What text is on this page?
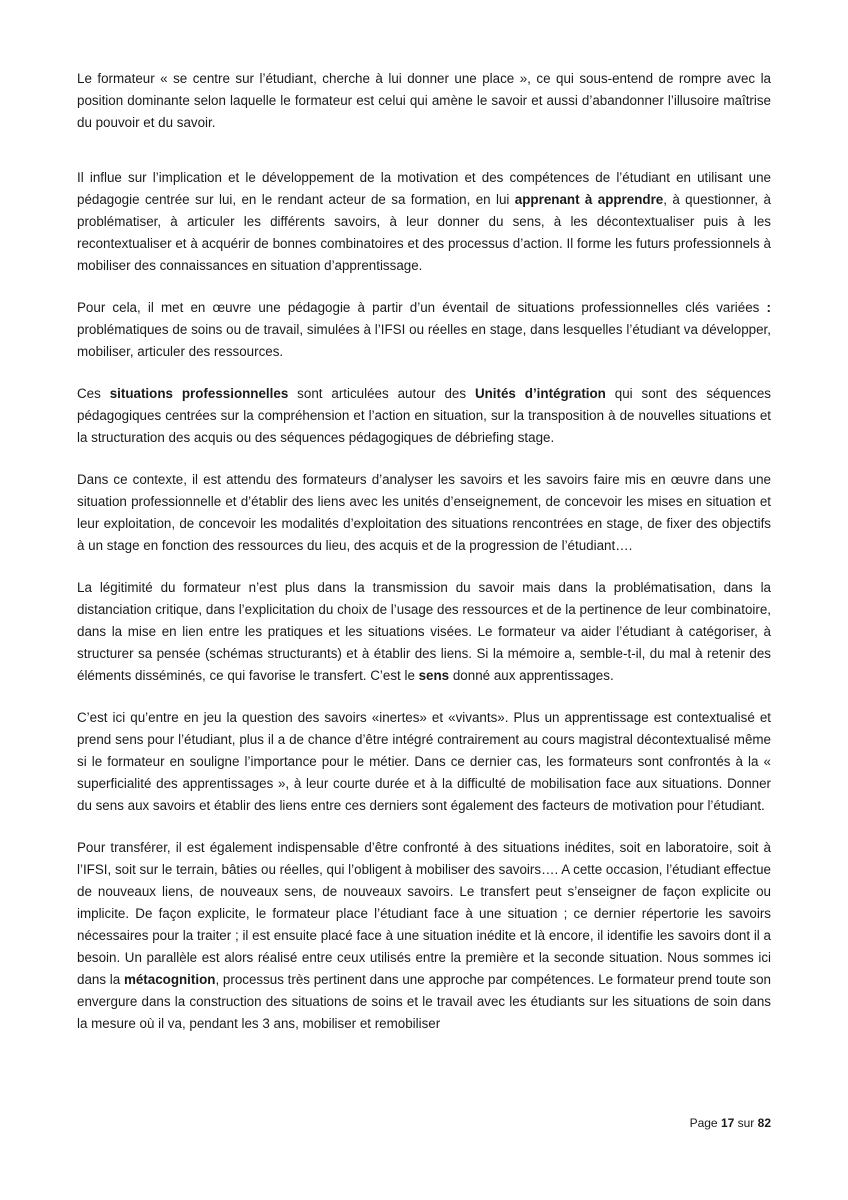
Le formateur « se centre sur l’étudiant, cherche à lui donner une place », ce qui sous-entend de rompre avec la position dominante selon laquelle le formateur est celui qui amène le savoir et aussi d’abandonner l’illusoire maîtrise du pouvoir et du savoir.

Il influe sur l’implication et le développement de la motivation et des compétences de l’étudiant en utilisant une pédagogie centrée sur lui, en le rendant acteur de sa formation, en lui apprenant à apprendre, à questionner, à problématiser, à articuler les différents savoirs, à leur donner du sens, à les décontextualiser puis à les recontextualiser et à acquérir de bonnes combinatoires et des processus d’action. Il forme les futurs professionnels à mobiliser des connaissances en situation d’apprentissage.

Pour cela, il met en œuvre une pédagogie à partir d’un éventail de situations professionnelles clés variées : problématiques de soins ou de travail, simulées à l’IFSI ou réelles en stage, dans lesquelles l’étudiant va développer, mobiliser, articuler des ressources.

Ces situations professionnelles sont articulées autour des Unités d’intégration qui sont des séquences pédagogiques centrées sur la compréhension et l’action en situation, sur la transposition à de nouvelles situations et la structuration des acquis ou des séquences pédagogiques de débriefing stage.

Dans ce contexte, il est attendu des formateurs d’analyser les savoirs et les savoirs faire mis en œuvre dans une situation professionnelle et d’établir des liens avec les unités d’enseignement, de concevoir les mises en situation et leur exploitation, de concevoir les modalités d’exploitation des situations rencontrées en stage, de fixer des objectifs à un stage en fonction des ressources du lieu, des acquis et de la progression de l’étudiant….

La légitimité du formateur n’est plus dans la transmission du savoir mais dans la problématisation, dans la distanciation critique, dans l’explicitation du choix de l’usage des ressources et de la pertinence de leur combinatoire, dans la mise en lien entre les pratiques et les situations visées. Le formateur va aider l’étudiant à catégoriser, à structurer sa pensée (schémas structurants) et à établir des liens. Si la mémoire a, semble-t-il, du mal à retenir des éléments disséminés, ce qui favorise le transfert. C’est le sens donné aux apprentissages.

C’est ici qu’entre en jeu la question des savoirs «inertes» et «vivants». Plus un apprentissage est contextualisé et prend sens pour l’étudiant, plus il a de chance d’être intégré contrairement au cours magistral décontextualisé même si le formateur en souligne l’importance pour le métier. Dans ce dernier cas, les formateurs sont confrontés à la « superficialité des apprentissages », à leur courte durée et à la difficulté de mobilisation face aux situations. Donner du sens aux savoirs et établir des liens entre ces derniers sont également des facteurs de motivation pour l’étudiant.

Pour transférer, il est également indispensable d’être confronté à des situations inédites, soit en laboratoire, soit à l’IFSI, soit sur le terrain, bâties ou réelles, qui l’obligent à mobiliser des savoirs…. A cette occasion, l’étudiant effectue de nouveaux liens, de nouveaux sens, de nouveaux savoirs. Le transfert peut s’enseigner de façon explicite ou implicite. De façon explicite, le formateur place l’étudiant face à une situation ; ce dernier répertorie les savoirs nécessaires pour la traiter ; il est ensuite placé face à une situation inédite et là encore, il identifie les savoirs dont il a besoin. Un parallèle est alors réalisé entre ceux utilisés entre la première et la seconde situation. Nous sommes ici dans la métacognition, processus très pertinent dans une approche par compétences. Le formateur prend toute son envergure dans la construction des situations de soins et le travail avec les étudiants sur les situations de soin dans la mesure où il va, pendant les 3 ans, mobiliser et remobiliser

Page 17 sur 82
